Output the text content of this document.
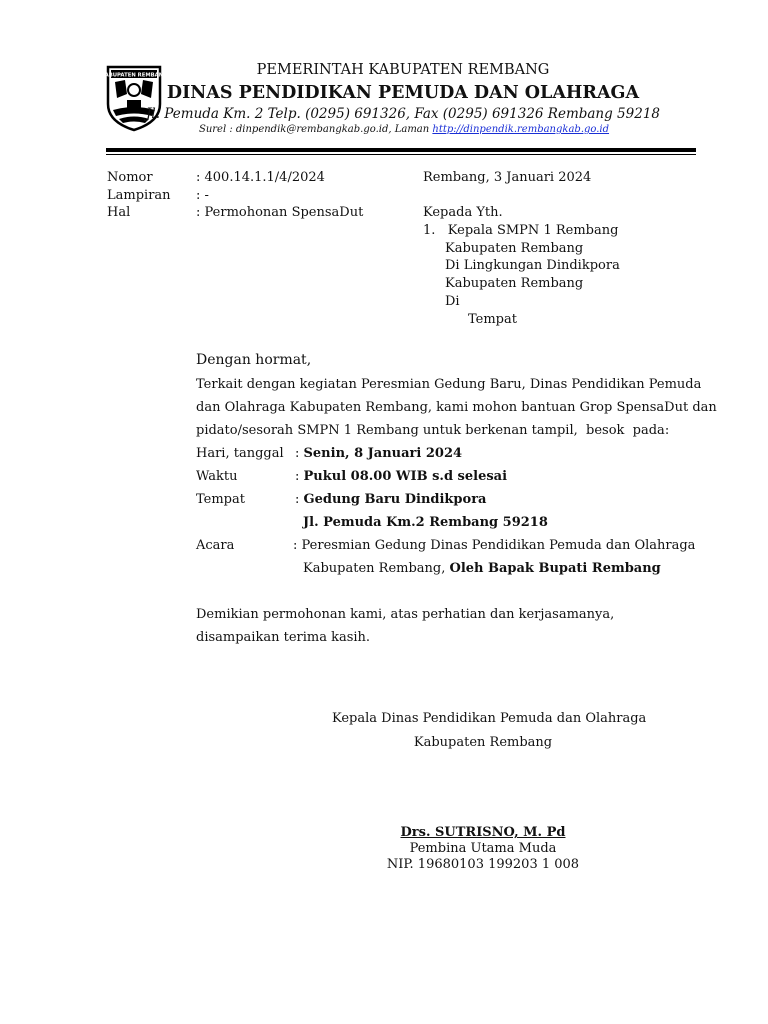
KABUPATEN REMBANG	PEMERINTAH KABUPATEN REMBANG
DINAS PENDIDIKAN PEMUDA DAN OLAHRAGA
Jl. Pemuda Km. 2 Telp. (0295) 691326, Fax (0295) 691326 Rembang 59218
Surel : dinpendik@rembangkab.go.id, Laman http://dinpendik.rembangkab.go.id
Nomor	: 400.14.1.1/4/2024	Rembang, 3 Januari 2024
Lampiran : -
Hal	: Permohonan SpensaDut	Kepada Yth.
1.   Kepala SMPN 1 Rembang
Kabupaten Rembang
Di Lingkungan Dindikpora
Kabupaten Rembang
Di
Tempat
Dengan hormat,
Terkait dengan kegiatan Peresmian Gedung Baru, Dinas Pendidikan Pemuda
dan Olahraga Kabupaten Rembang, kami mohon bantuan Grop SpensaDut dan
pidato/sesorah SMPN 1 Rembang untuk berkenan tampil,  besok  pada:
Hari, tanggal : Senin, 8 Januari 2024
Waktu	: Pukul 08.00 WIB s.d selesai
Tempat	: Gedung Baru Dindikpora
Jl. Pemuda Km.2 Rembang 59218
Acara	: Peresmian Gedung Dinas Pendidikan Pemuda dan Olahraga
Kabupaten Rembang, Oleh Bapak Bupati Rembang
Demikian permohonan kami, atas perhatian dan kerjasamanya,
disampaikan terima kasih.
Kepala Dinas Pendidikan Pemuda dan Olahraga
Kabupaten Rembang
Drs. SUTRISNO, M. Pd
Pembina Utama Muda
NIP. 19680103 199203 1 008
